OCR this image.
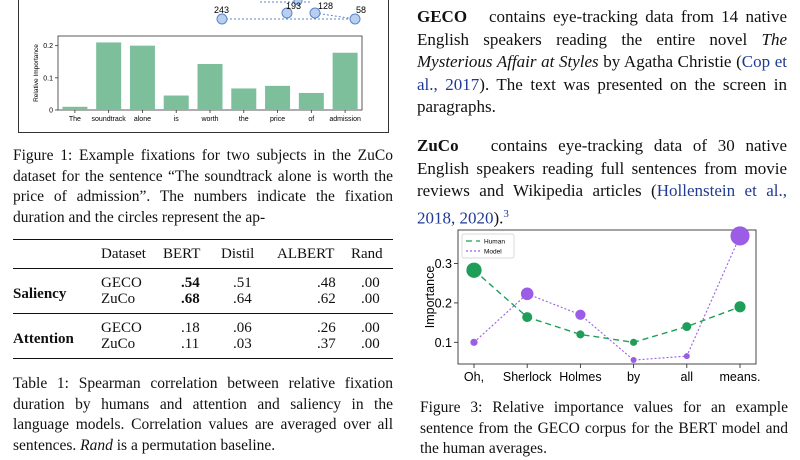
243	193 128	58
0
0.1
0.2
Relative Importance
The soundtrack alone	is	worth	the	price	of admission
Figure 1: Example fixations for two subjects in the ZuCo dataset for the sentence “The soundtrack alone is worth the price of admission”. The numbers indicate the fixation duration and the circles represent the ap-
	Dataset	BERT	Distil	ALBERT	Rand
Saliency	GECO	.54	.51	.48	.00
	ZuCo	.68	.64	.62	.00
Attention	GECO	.18	.06	.26	.00
	ZuCo	.11	.03	.37	.00
Table 1: Spearman correlation between relative fixation duration by humans and attention and saliency in the language models. Correlation values are averaged over all sentences. Rand is a permutation baseline.
GECO contains eye-tracking data from 14 native English speakers reading the entire novel The Mysterious Affair at Styles by Agatha Christie (Cop et al., 2017). The text was presented on the screen in paragraphs.
ZuCo contains eye-tracking data of 30 native English speakers reading full sentences from movie reviews and Wikipedia articles (Hollenstein et al., 2018, 2020).$^3$
0.1
0.2
0.3
Importance
Oh, Sherlock Holmes by	all means.
Human
Model
Figure 3: Relative importance values for an example sentence from the GECO corpus for the BERT model and the human averages.
